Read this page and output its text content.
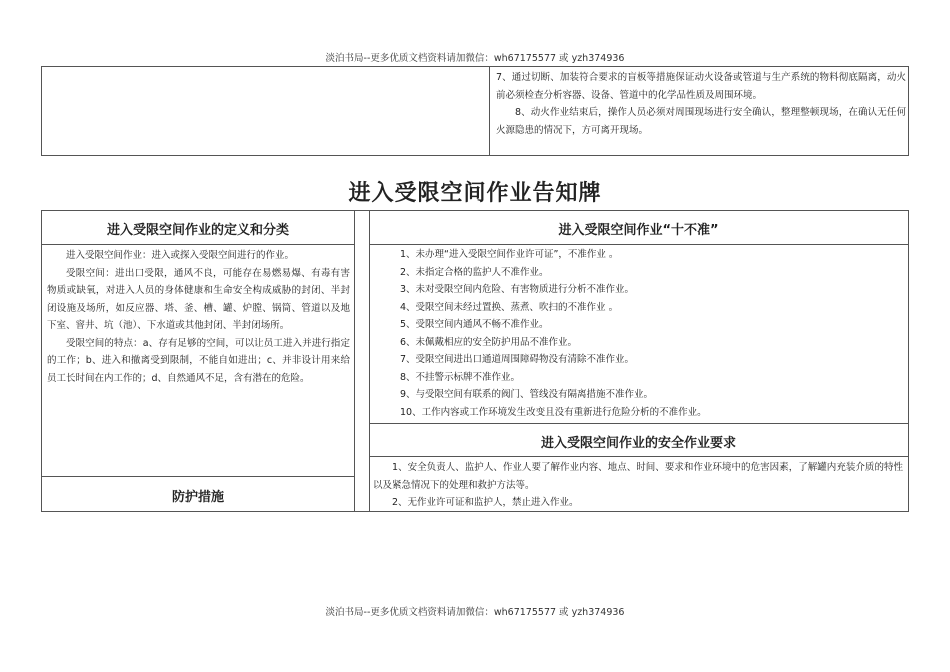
淡泊书局--更多优质文档资料请加微信：wh67175577 或 yzh374936

7、通过切断、加装符合要求的盲板等措施保证动火设备或管道与生产系统的物料彻底隔离，动火前必须检查分析容器、设备、管道中的化学品性质及周围环境。

8、动火作业结束后，操作人员必须对周围现场进行安全确认，整理整顿现场，在确认无任何火源隐患的情况下，方可离开现场。

进入受限空间作业告知牌
进入受限空间作业的定义和分类

进入受限空间作业：进入或探入受限空间进行的作业。

受限空间：进出口受限，通风不良，可能存在易燃易爆、有毒有害物质或缺氧，对进入人员的身体健康和生命安全构成威胁的封闭、半封闭设施及场所，如反应器、塔、釜、槽、罐、炉膛、锅筒、管道以及地下室、窨井、坑（池）、下水道或其他封闭、半封闭场所。

受限空间的特点：a、存有足够的空间，可以让员工进入并进行指定的工作；b、进入和撤离受到限制，不能自如进出；c、并非设计用来给员工长时间在内工作的；d、自然通风不足，含有潜在的危险。

防护措施
进入受限空间作业“十不准”
1、未办理“进入受限空间作业许可证”，不准作业 。
2、未指定合格的监护人不准作业。
3、未对受限空间内危险、有害物质进行分析不准作业。
4、受限空间未经过置换、蒸煮、吹扫的不准作业 。
5、受限空间内通风不畅不准作业。
6、未佩戴相应的安全防护用品不准作业。
7、受限空间进出口通道周围障碍物没有清除不准作业。
8、不挂警示标牌不准作业。
9、与受限空间有联系的阀门、管线没有隔离措施不准作业。
10、工作内容或工作环境发生改变且没有重新进行危险分析的不准作业。
进入受限空间作业的安全作业要求

1、安全负责人、监护人、作业人要了解作业内容、地点、时间、要求和作业环境中的危害因素，了解罐内充装介质的特性以及紧急情况下的处理和救护方法等。

2、无作业许可证和监护人，禁止进入作业。

淡泊书局--更多优质文档资料请加微信：wh67175577 或 yzh374936
